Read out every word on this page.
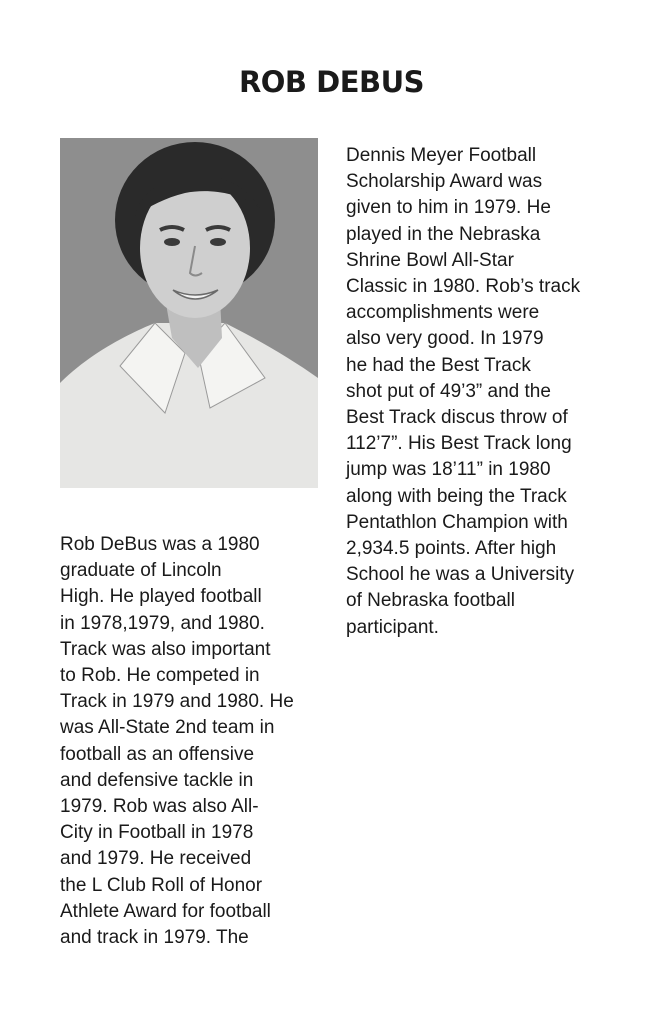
ROB DEBUS

Rob DeBus was a 1980
graduate of Lincoln
High. He played football
in 1978,1979, and 1980.
Track was also important
to Rob. He competed in
Track in 1979 and 1980. He
was All-State 2nd team in
football as an offensive
and defensive tackle in
1979. Rob was also All-
City in Football in 1978
and 1979. He received
the L Club Roll of Honor
Athlete Award for football
and track in 1979. The

Dennis Meyer Football
Scholarship Award was
given to him in 1979. He
played in the Nebraska
Shrine Bowl All-Star
Classic in 1980. Rob’s track
accomplishments were
also very good. In 1979
he had the Best Track
shot put of 49’3” and the
Best Track discus throw of
112’7”. His Best Track long
jump was 18’11” in 1980
along with being the Track
Pentathlon Champion with
2,934.5 points. After high
School he was a University
of Nebraska football
participant.
